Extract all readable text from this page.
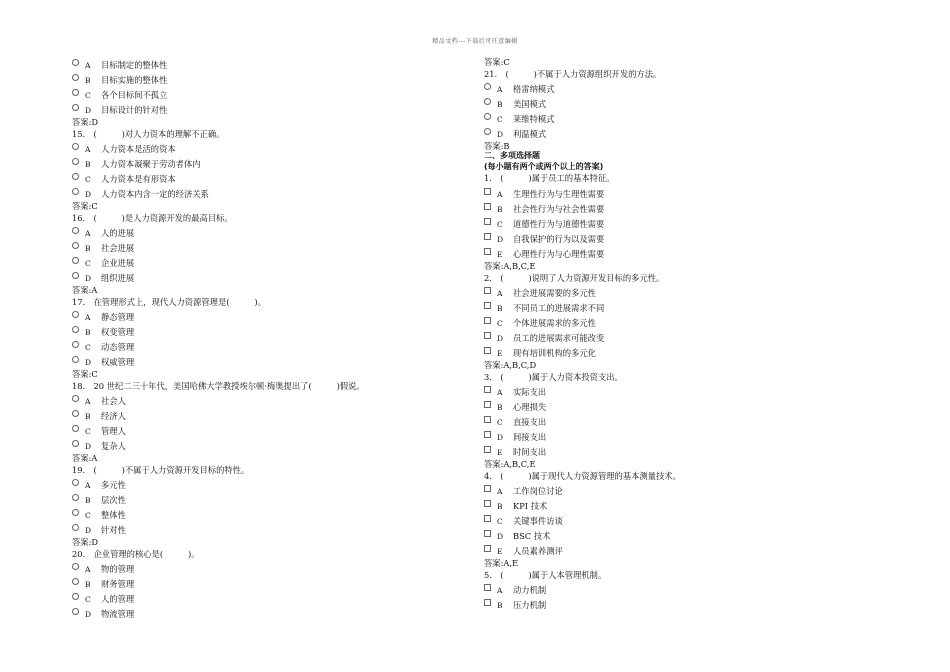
精品文档---下载后可任意编辑
A	目标制定的整体性
B	目标实施的整体性
C	各个目标间不孤立
D	目标设计的针对性
答案:D
15.　(　　　)对人力资本的理解不正确。
A	人力资本是活的资本
B	人力资本凝聚于劳动者体内
C	人力资本是有形资本
D	人力资本内含一定的经济关系
答案:C
16.　(　　　)是人力资源开发的最高目标。
A	人的进展
B	社会进展
C	企业进展
D	组织进展
答案:A
17.　在管理形式上，现代人力资源管理是(　　　)。
A	静态管理
B	权变管理
C	动态管理
D	权威管理
答案:C
18.　20 世纪二三十年代，美国哈佛大学教授埃尔顿·梅奥提出了(　　　)假说。
A	社会人
B	经济人
C	管理人
D	复杂人
答案:A
19.　(　　　)不属于人力资源开发目标的特性。
A	多元性
B	层次性
C	整体性
D	针对性
答案:D
20.　企业管理的核心是(　　　)。
A	物的管理
B	财务管理
C	人的管理
D	物流管理
答案:C
21.　(　　　)不属于人力资源组织开发的方法。
A	格雷纳模式
B	美国模式
C	莱维特模式
D	利温模式
答案:B
二、多项选择题
(每小题有两个或两个以上的答案)
1.　(　　　)属于员工的基本特征。
A	生理性行为与生理性需要
B	社会性行为与社会性需要
C	道德性行为与道德性需要
D	自我保护的行为以及需要
E	心理性行为与心理性需要
答案:A,B,C,E
2.　(　　　)说明了人力资源开发目标的多元性。
A	社会进展需要的多元性
B	不同员工的进展需求不同
C	个体进展需求的多元性
D	员工的进展需求可能改变
E	现有培训机构的多元化
答案:A,B,C,D
3.　(　　　)属于人力资本投资支出。
A	实际支出
B	心理损失
C	直接支出
D	间接支出
E	时间支出
答案:A,B,C,E
4.　(　　　)属于现代人力资源管理的基本测量技术。
A	工作岗位讨论
B	KPI 技术
C	关键事件访谈
D	BSC 技术
E	人员素养测评
答案:A,E
5.　(　　　)属于人本管理机制。
A	动力机制
B	压力机制
